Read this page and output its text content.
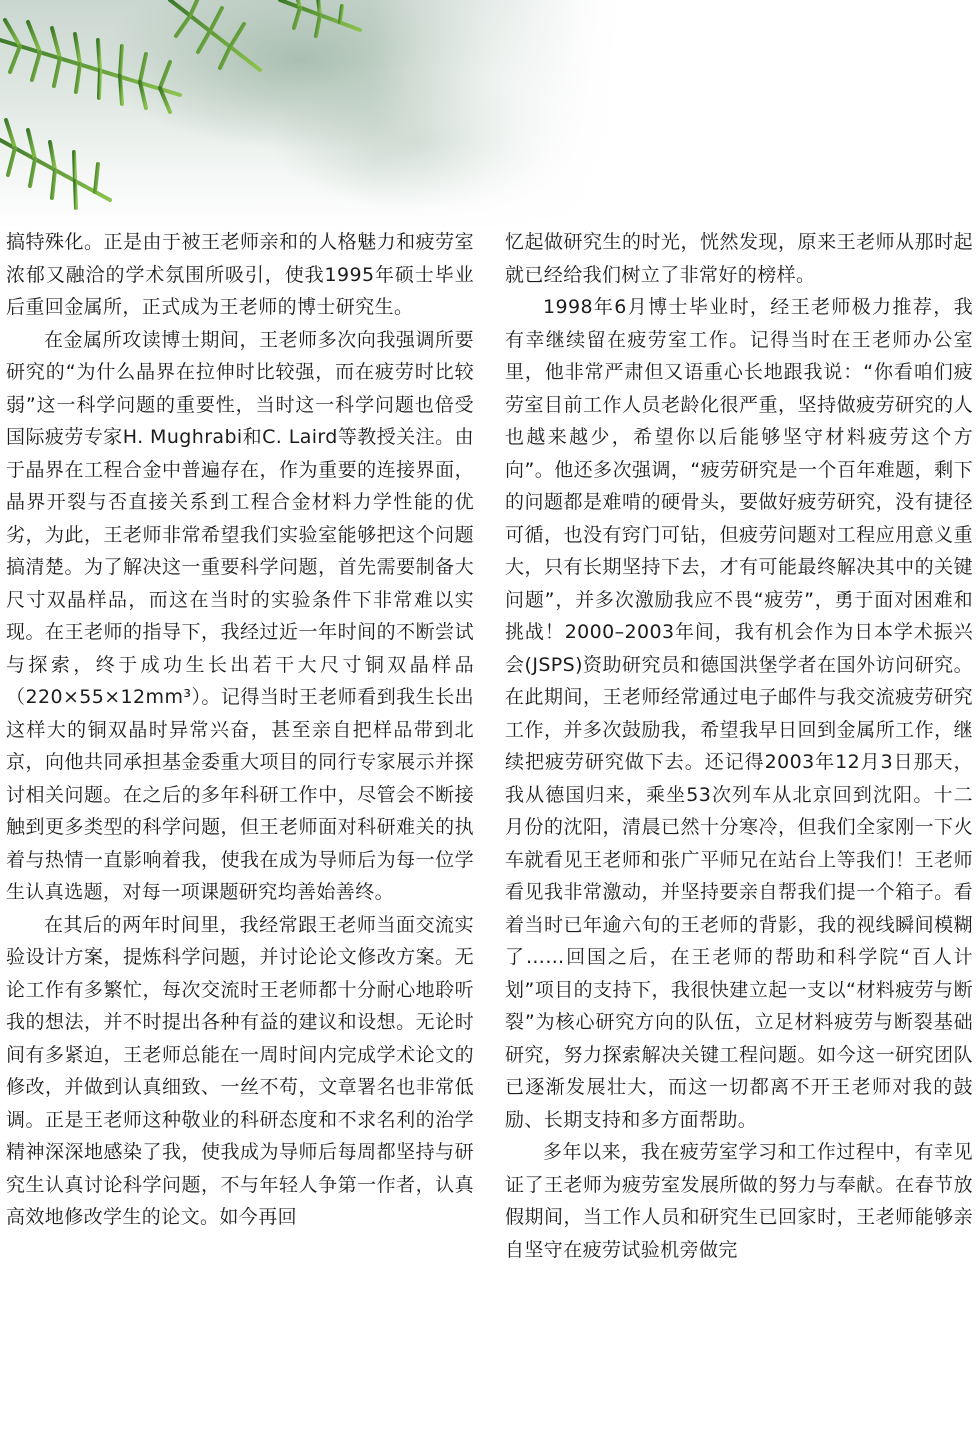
搞特殊化。正是由于被王老师亲和的人格魅力和疲劳室浓郁又融洽的学术氛围所吸引，使我1995年硕士毕业后重回金属所，正式成为王老师的博士研究生。

在金属所攻读博士期间，王老师多次向我强调所要研究的“为什么晶界在拉伸时比较强，而在疲劳时比较弱”这一科学问题的重要性，当时这一科学问题也倍受国际疲劳专家H. Mughrabi和C. Laird等教授关注。由于晶界在工程合金中普遍存在，作为重要的连接界面，晶界开裂与否直接关系到工程合金材料力学性能的优劣，为此，王老师非常希望我们实验室能够把这个问题搞清楚。为了解决这一重要科学问题，首先需要制备大尺寸双晶样品，而这在当时的实验条件下非常难以实现。在王老师的指导下，我经过近一年时间的不断尝试与探索，终于成功生长出若干大尺寸铜双晶样品（220×55×12mm³）。记得当时王老师看到我生长出这样大的铜双晶时异常兴奋，甚至亲自把样品带到北京，向他共同承担基金委重大项目的同行专家展示并探讨相关问题。在之后的多年科研工作中，尽管会不断接触到更多类型的科学问题，但王老师面对科研难关的执着与热情一直影响着我，使我在成为导师后为每一位学生认真选题，对每一项课题研究均善始善终。

在其后的两年时间里，我经常跟王老师当面交流实验设计方案，提炼科学问题，并讨论论文修改方案。无论工作有多繁忙，每次交流时王老师都十分耐心地聆听我的想法，并不时提出各种有益的建议和设想。无论时间有多紧迫，王老师总能在一周时间内完成学术论文的修改，并做到认真细致、一丝不苟，文章署名也非常低调。正是王老师这种敬业的科研态度和不求名利的治学精神深深地感染了我，使我成为导师后每周都坚持与研究生认真讨论科学问题，不与年轻人争第一作者，认真高效地修改学生的论文。如今再回

忆起做研究生的时光，恍然发现，原来王老师从那时起就已经给我们树立了非常好的榜样。

1998年6月博士毕业时，经王老师极力推荐，我有幸继续留在疲劳室工作。记得当时在王老师办公室里，他非常严肃但又语重心长地跟我说：“你看咱们疲劳室目前工作人员老龄化很严重，坚持做疲劳研究的人也越来越少，希望你以后能够坚守材料疲劳这个方向”。他还多次强调，“疲劳研究是一个百年难题，剩下的问题都是难啃的硬骨头，要做好疲劳研究，没有捷径可循，也没有窍门可钻，但疲劳问题对工程应用意义重大，只有长期坚持下去，才有可能最终解决其中的关键问题”，并多次激励我应不畏“疲劳”，勇于面对困难和挑战！2000–2003年间，我有机会作为日本学术振兴会(JSPS)资助研究员和德国洪堡学者在国外访问研究。在此期间，王老师经常通过电子邮件与我交流疲劳研究工作，并多次鼓励我，希望我早日回到金属所工作，继续把疲劳研究做下去。还记得2003年12月3日那天，我从德国归来，乘坐53次列车从北京回到沈阳。十二月份的沈阳，清晨已然十分寒冷，但我们全家刚一下火车就看见王老师和张广平师兄在站台上等我们！王老师看见我非常激动，并坚持要亲自帮我们提一个箱子。看着当时已年逾六旬的王老师的背影，我的视线瞬间模糊了……回国之后，在王老师的帮助和科学院“百人计划”项目的支持下，我很快建立起一支以“材料疲劳与断裂”为核心研究方向的队伍，立足材料疲劳与断裂基础研究，努力探索解决关键工程问题。如今这一研究团队已逐渐发展壮大，而这一切都离不开王老师对我的鼓励、长期支持和多方面帮助。

多年以来，我在疲劳室学习和工作过程中，有幸见证了王老师为疲劳室发展所做的努力与奉献。在春节放假期间，当工作人员和研究生已回家时，王老师能够亲自坚守在疲劳试验机旁做完
